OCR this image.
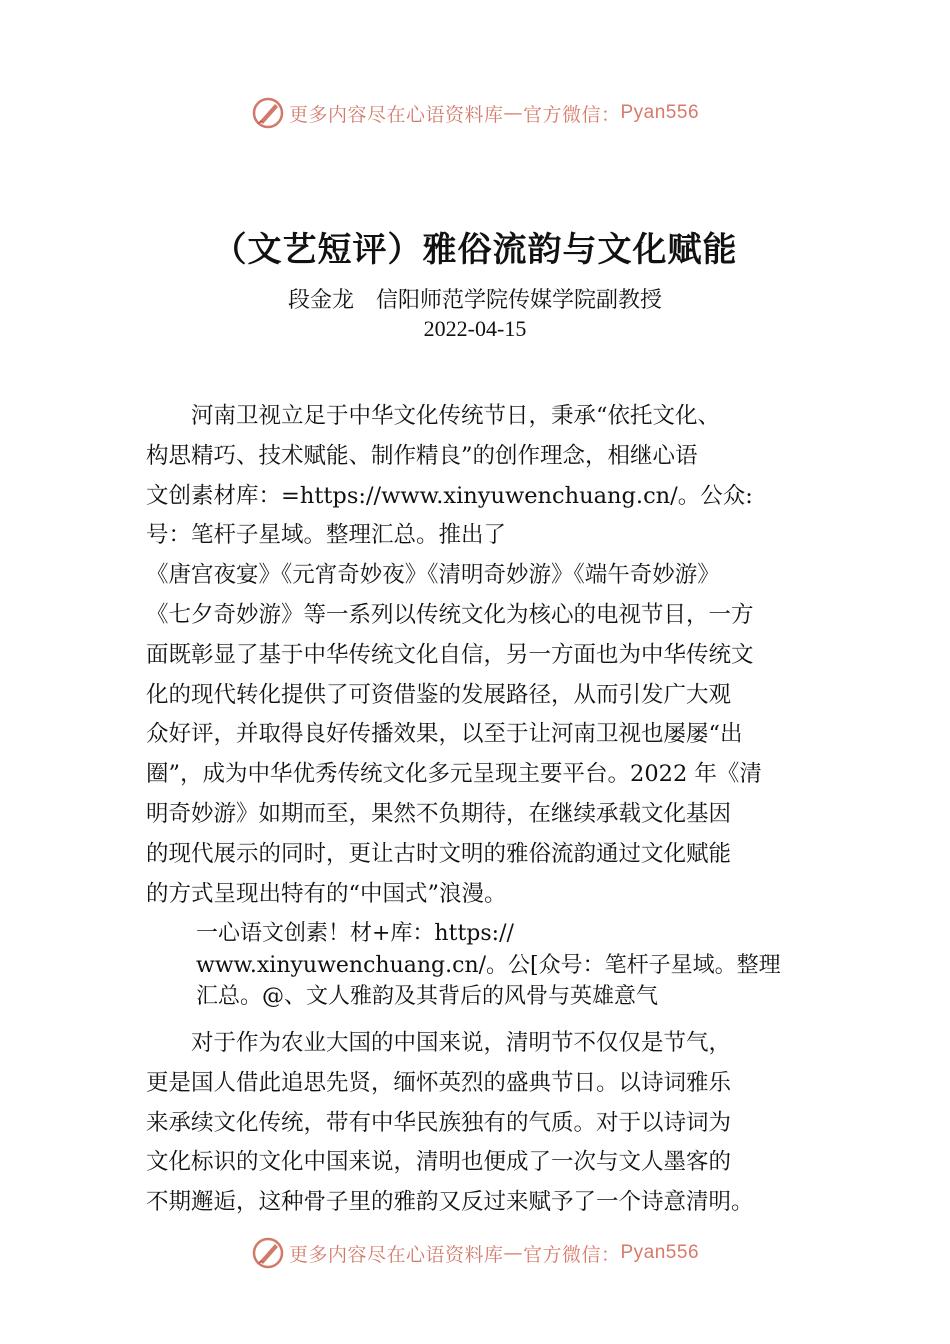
更多内容尽在心语资料库 — 官方微信： Pyan556
（文艺短评）雅俗流韵与文化赋能
段金龙　信阳师范学院传媒学院副教授
2022-04-15
　　河南卫视立足于中华文化传统节日，秉承“依托文化、
构思精巧、技术赋能、制作精良”的创作理念，相继心语
文创素材库：=https://www.xinyuwenchuang.cn/。公众:
号：笔杆子星域。整理汇总。推出了
《唐宫夜宴》《元宵奇妙夜》《清明奇妙游》《端午奇妙游》
《七夕奇妙游》等一系列以传统文化为核心的电视节目，一方
面既彰显了基于中华传统文化自信，另一方面也为中华传统文
化的现代转化提供了可资借鉴的发展路径，从而引发广大观
众好评，并取得良好传播效果，以至于让河南卫视也屡屡“出
圈”，成为中华优秀传统文化多元呈现主要平台。2022 年《清
明奇妙游》如期而至，果然不负期待，在继续承载文化基因
的现代展示的同时，更让古时文明的雅俗流韵通过文化赋能
的方式呈现出特有的“中国式”浪漫。
一心语文创素！材+库：https://
www.xinyuwenchuang.cn/。公[众号：笔杆子星域。整理
汇总。@、文人雅韵及其背后的风骨与英雄意气
　　对于作为农业大国的中国来说，清明节不仅仅是节气，
更是国人借此追思先贤，缅怀英烈的盛典节日。以诗词雅乐
来承续文化传统，带有中华民族独有的气质。对于以诗词为
文化标识的文化中国来说，清明也便成了一次与文人墨客的
不期邂逅，这种骨子里的雅韵又反过来赋予了一个诗意清明。
更多内容尽在心语资料库 — 官方微信： Pyan556
